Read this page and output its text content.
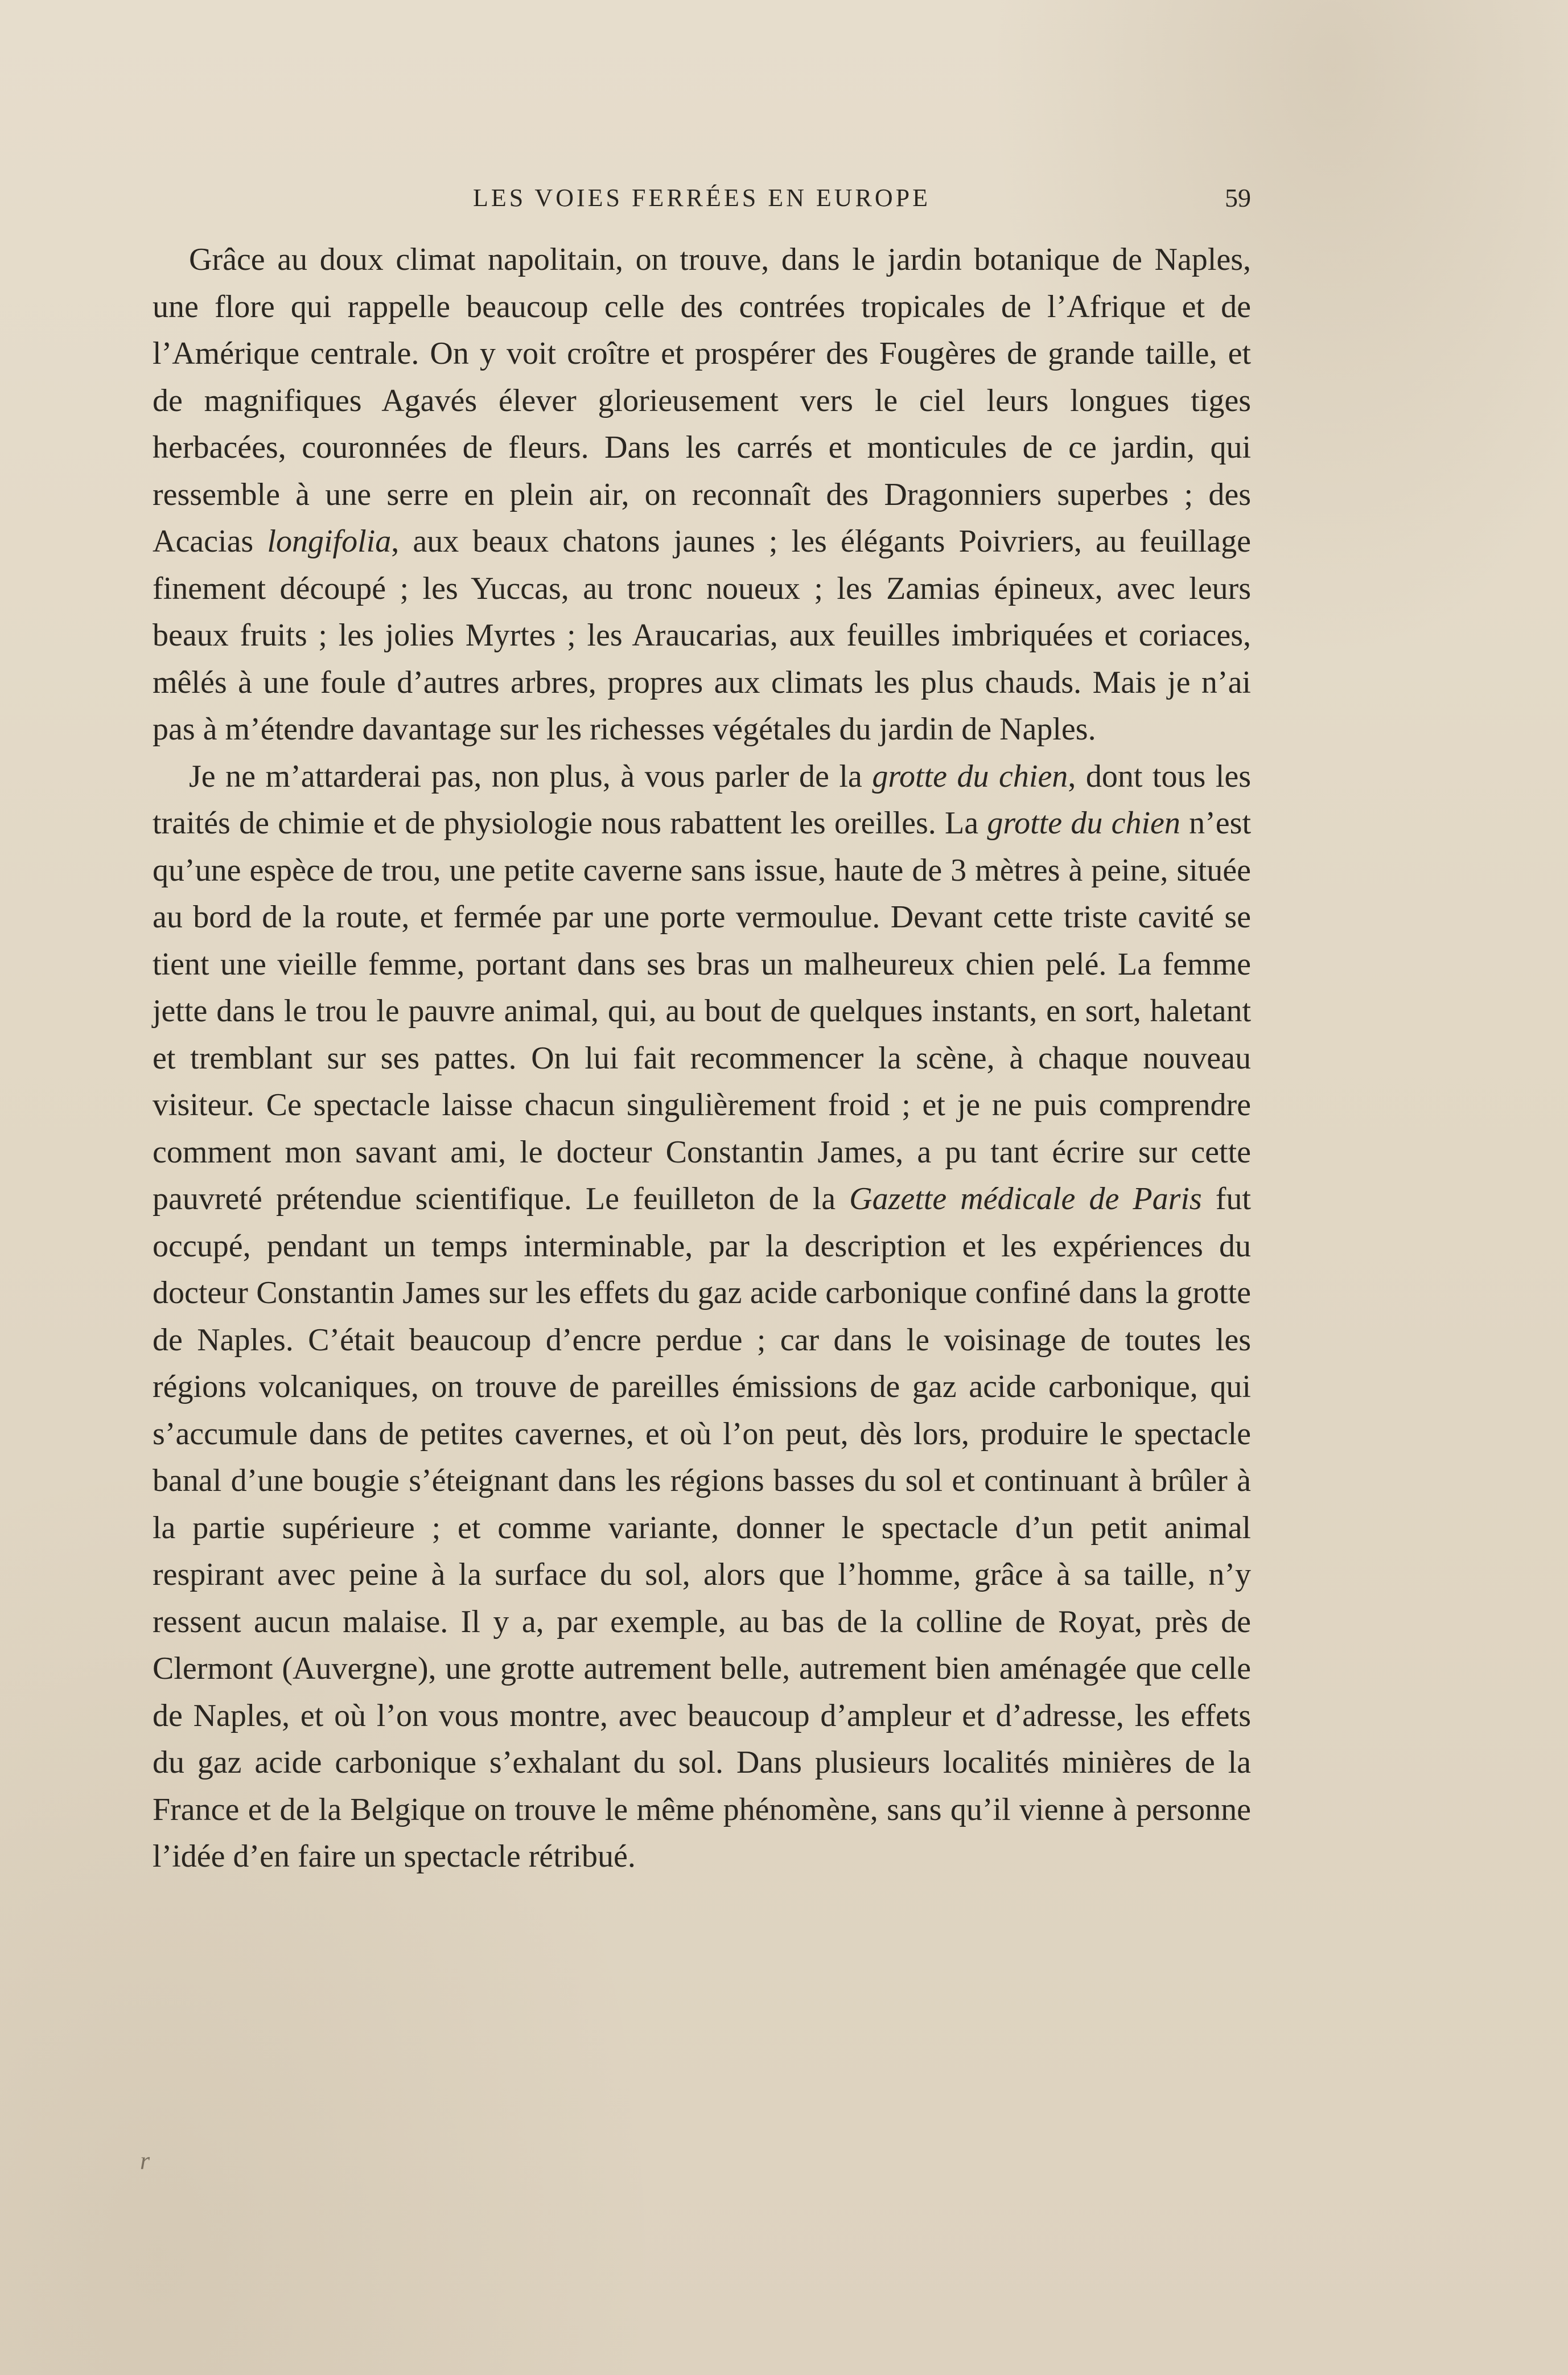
LES VOIES FERRÉES EN EUROPE	59

Grâce au doux climat napolitain, on trouve, dans le jardin botanique de Naples, une flore qui rappelle beaucoup celle des contrées tropicales de l’Afrique et de l’Amérique centrale. On y voit croître et prospérer des Fougères de grande taille, et de magnifiques Agavés élever glorieusement vers le ciel leurs longues tiges herbacées, couronnées de fleurs. Dans les carrés et monticules de ce jardin, qui ressemble à une serre en plein air, on reconnaît des Dragonniers superbes ; des Acacias longifolia, aux beaux chatons jaunes ; les élégants Poivriers, au feuillage finement découpé ; les Yuccas, au tronc noueux ; les Zamias épineux, avec leurs beaux fruits ; les jolies Myrtes ; les Araucarias, aux feuilles imbriquées et coriaces, mêlés à une foule d’autres arbres, propres aux climats les plus chauds. Mais je n’ai pas à m’étendre davantage sur les richesses végétales du jardin de Naples.

Je ne m’attarderai pas, non plus, à vous parler de la grotte du chien, dont tous les traités de chimie et de physiologie nous rabattent les oreilles. La grotte du chien n’est qu’une espèce de trou, une petite caverne sans issue, haute de 3 mètres à peine, située au bord de la route, et fermée par une porte vermoulue. Devant cette triste cavité se tient une vieille femme, portant dans ses bras un malheureux chien pelé. La femme jette dans le trou le pauvre animal, qui, au bout de quelques instants, en sort, haletant et tremblant sur ses pattes. On lui fait recommencer la scène, à chaque nouveau visiteur. Ce spectacle laisse chacun singulièrement froid ; et je ne puis comprendre comment mon savant ami, le docteur Constantin James, a pu tant écrire sur cette pauvreté prétendue scientifique. Le feuilleton de la Gazette médicale de Paris fut occupé, pendant un temps interminable, par la description et les expériences du docteur Constantin James sur les effets du gaz acide carbonique confiné dans la grotte de Naples. C’était beaucoup d’encre perdue ; car dans le voisinage de toutes les régions volcaniques, on trouve de pareilles émissions de gaz acide carbonique, qui s’accumule dans de petites cavernes, et où l’on peut, dès lors, produire le spectacle banal d’une bougie s’éteignant dans les régions basses du sol et continuant à brûler à la partie supérieure ; et comme variante, donner le spectacle d’un petit animal respirant avec peine à la surface du sol, alors que l’homme, grâce à sa taille, n’y ressent aucun malaise. Il y a, par exemple, au bas de la colline de Royat, près de Clermont (Auvergne), une grotte autrement belle, autrement bien aménagée que celle de Naples, et où l’on vous montre, avec beaucoup d’ampleur et d’adresse, les effets du gaz acide carbonique s’exhalant du sol. Dans plusieurs localités minières de la France et de la Belgique on trouve le même phénomène, sans qu’il vienne à personne l’idée d’en faire un spectacle rétribué.

r
